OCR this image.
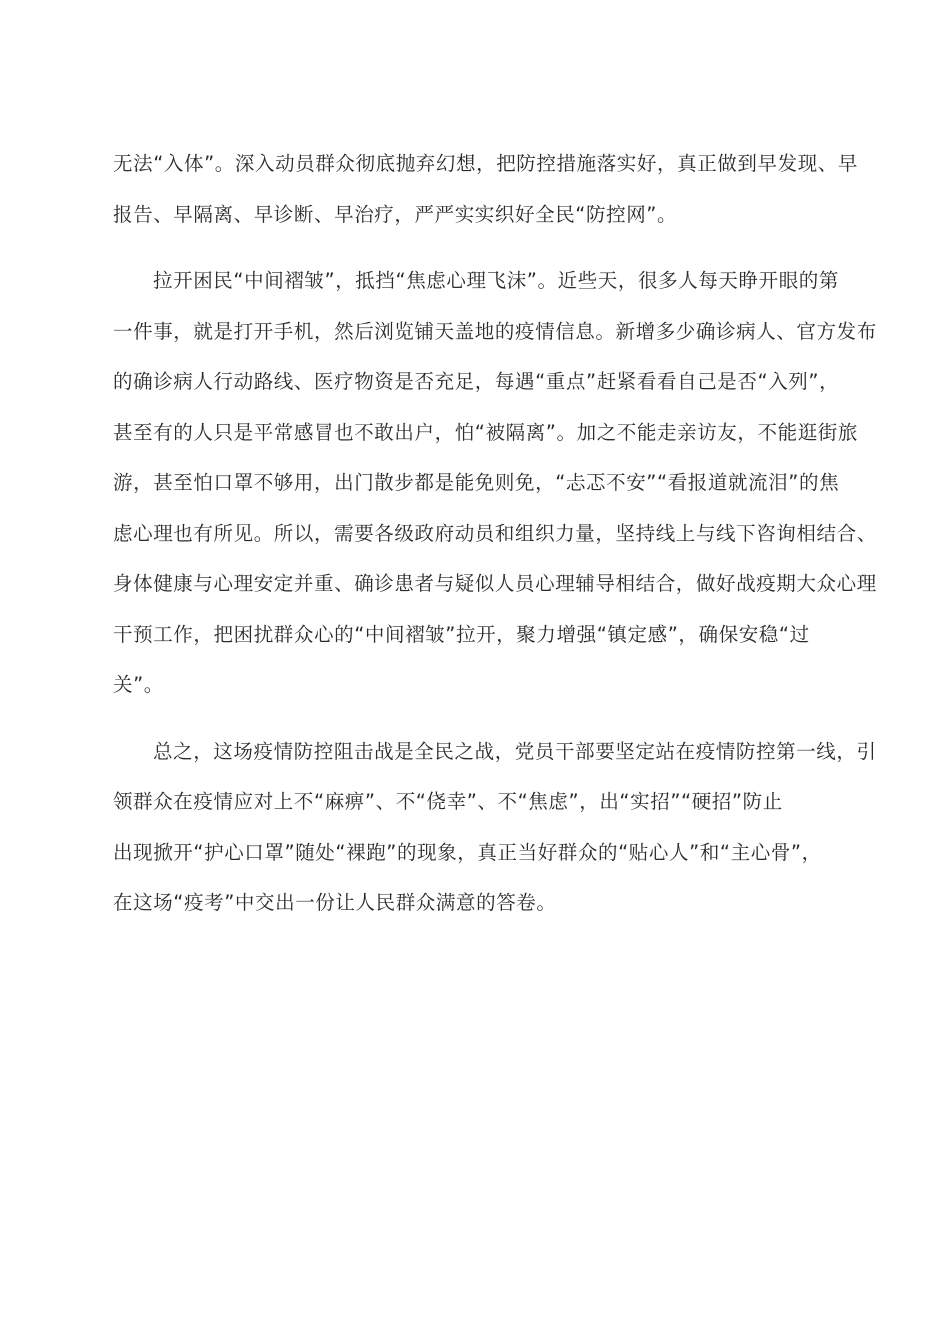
无法“入体”。深入动员群众彻底抛弃幻想，把防控措施落实好，真正做到早发现、早
报告、早隔离、早诊断、早治疗，严严实实织好全民“防控网”。
拉开困民“中间褶皱”，抵挡“焦虑心理飞沫”。近些天，很多人每天睁开眼的第
一件事，就是打开手机，然后浏览铺天盖地的疫情信息。新增多少确诊病人、官方发布
的确诊病人行动路线、医疗物资是否充足，每遇“重点”赶紧看看自己是否“入列”，
甚至有的人只是平常感冒也不敢出户，怕“被隔离”。加之不能走亲访友，不能逛街旅
游，甚至怕口罩不够用，出门散步都是能免则免，“忐忑不安”“看报道就流泪”的焦
虑心理也有所见。所以，需要各级政府动员和组织力量，坚持线上与线下咨询相结合、
身体健康与心理安定并重、确诊患者与疑似人员心理辅导相结合，做好战疫期大众心理
干预工作，把困扰群众心的“中间褶皱”拉开，聚力增强“镇定感”，确保安稳“过
关”。
总之，这场疫情防控阻击战是全民之战，党员干部要坚定站在疫情防控第一线，引
领群众在疫情应对上不“麻痹”、不“侥幸”、不“焦虑”，出“实招”“硬招”防止
出现掀开“护心口罩”随处“裸跑”的现象，真正当好群众的“贴心人”和“主心骨”，
在这场“疫考”中交出一份让人民群众满意的答卷。
